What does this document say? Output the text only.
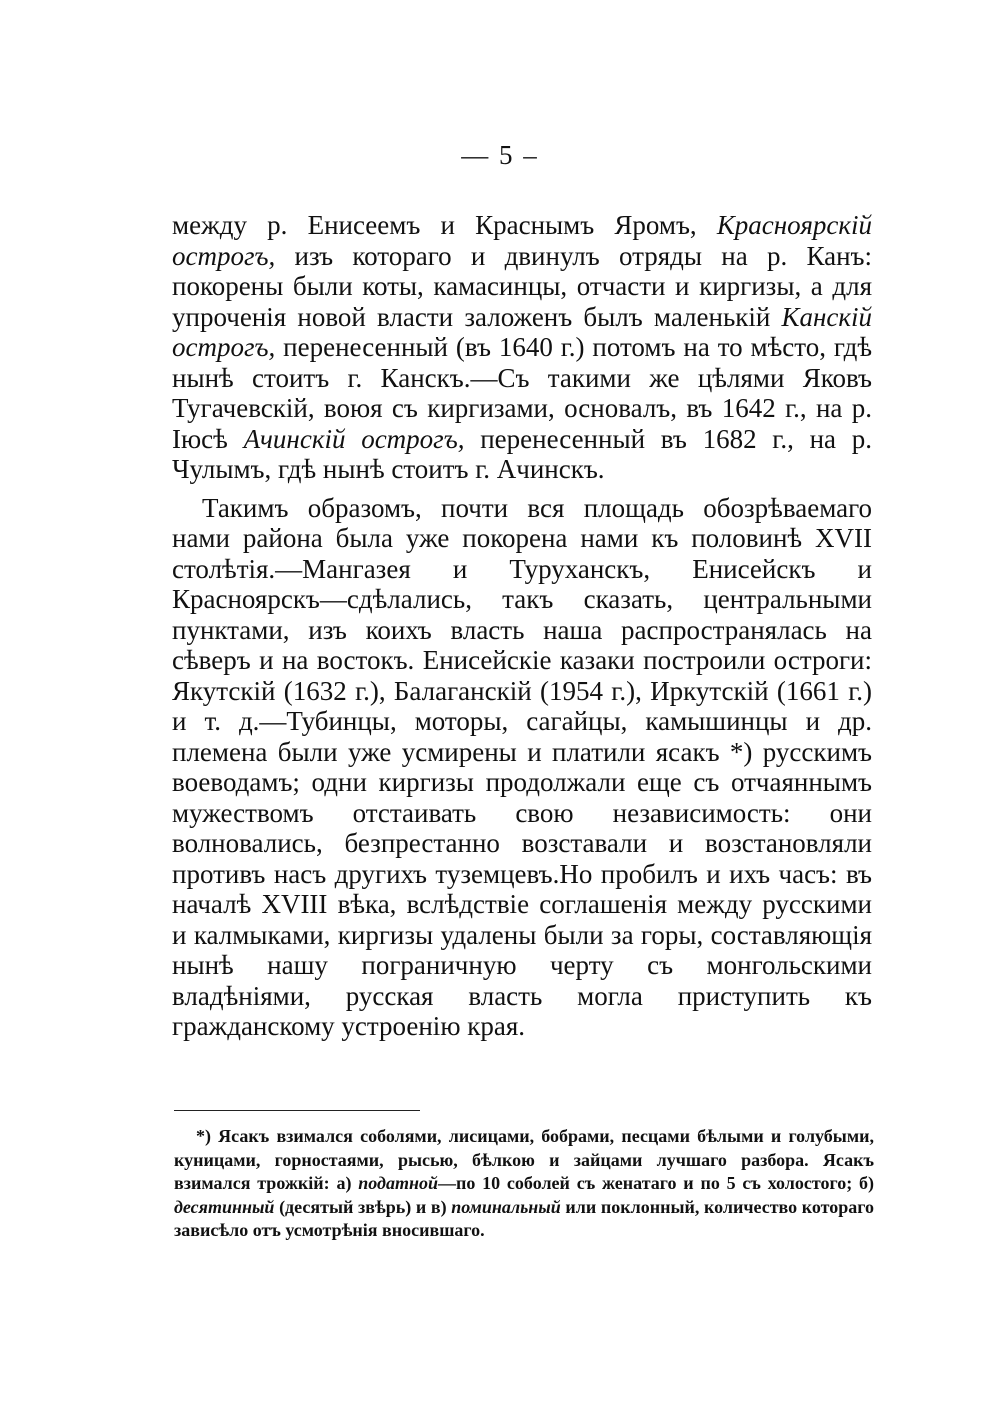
— 5 –

между р. Енисеемъ и Краснымъ Яромъ, Красноярскій острогъ, изъ котораго и двинулъ отряды на р. Канъ: покорены были коты, камасинцы, отчасти и киргизы, а для упроченія новой власти заложенъ былъ маленькій Канскій острогъ, перенесенный (въ 1640 г.) потомъ на то мѣсто, гдѣ нынѣ стоитъ г. Канскъ.—Съ такими же цѣлями Яковъ Тугачевскій, воюя съ киргизами, основалъ, въ 1642 г., на р. Іюсѣ Ачинскій острогъ, перенесенный въ 1682 г., на р. Чулымъ, гдѣ нынѣ стоитъ г. Ачинскъ.

Такимъ образомъ, почти вся площадь обозрѣваемаго нами района была уже покорена нами къ половинѣ XVII столѣтія.—Мангазея и Туруханскъ, Енисейскъ и Красноярскъ—сдѣлались, такъ сказать, центральными пунктами, изъ коихъ власть наша распространялась на сѣверъ и на востокъ. Енисейскіе казаки построили остроги: Якутскій (1632 г.), Балаганскій (1954 г.), Иркутскій (1661 г.) и т. д.—Тубинцы, моторы, сагайцы, камышинцы и др. племена были уже усмирены и платили ясакъ *) русскимъ воеводамъ; одни киргизы продолжали еще съ отчаяннымъ мужествомъ отстаивать свою независимость: они волновались, безпрестанно возставали и возстановляли противъ насъ другихъ туземцевъ.Но пробилъ и ихъ часъ: въ началѣ XVIII вѣка, вслѣдствіе соглашенія между русскими и калмыками, киргизы удалены были за горы, составляющія нынѣ нашу пограничную черту съ монгольскими владѣніями, русская власть могла приступить къ гражданскому устроенію края.

*) Ясакъ взимался соболями, лисицами, бобрами, песцами бѣлыми и голубыми, куницами, горностаями, рысью, бѣлкою и зайцами лучшаго разбора. Ясакъ взимался трожкій: а) податной—по 10 соболей съ женатаго и по 5 съ холостого; б) десятинный (десятый звѣрь) и в) поминальный или поклонный, количество котораго зависѣло отъ усмотрѣнія вносившаго.
